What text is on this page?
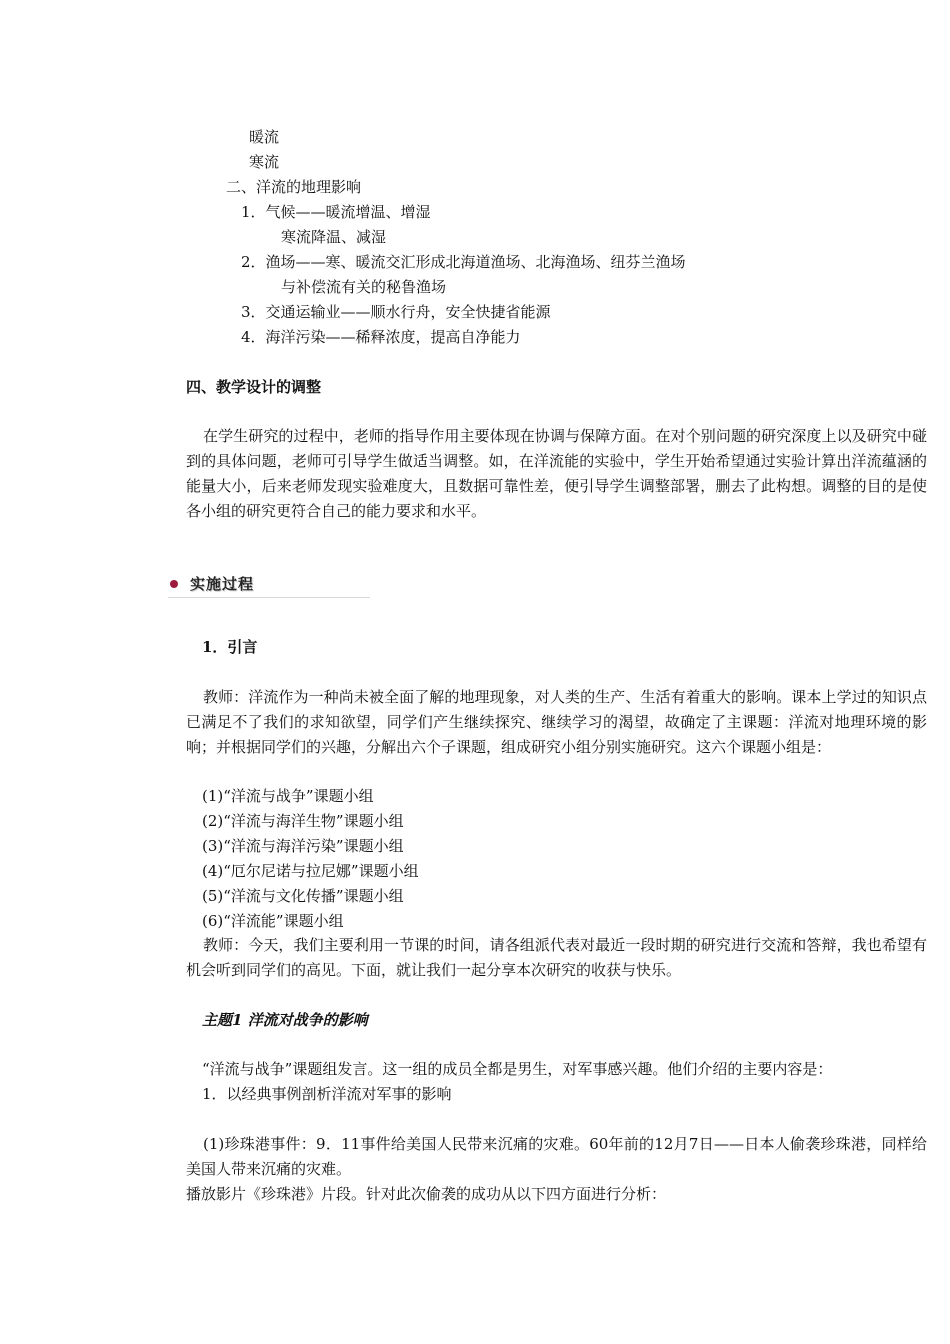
暖流
寒流
二、洋流的地理影响
1．气候——暖流增温、增湿
寒流降温、减湿
2．渔场——寒、暖流交汇形成北海道渔场、北海渔场、纽芬兰渔场
与补偿流有关的秘鲁渔场
3．交通运输业——顺水行舟，安全快捷省能源
4．海洋污染——稀释浓度，提高自净能力
四、教学设计的调整
在学生研究的过程中，老师的指导作用主要体现在协调与保障方面。在对个别问题的研究深度上以及研究中碰到的具体问题，老师可引导学生做适当调整。如，在洋流能的实验中，学生开始希望通过实验计算出洋流蕴涵的能量大小，后来老师发现实验难度大，且数据可靠性差，便引导学生调整部署，删去了此构想。调整的目的是使各小组的研究更符合自己的能力要求和水平。
实施过程
1．引言
教师：洋流作为一种尚未被全面了解的地理现象，对人类的生产、生活有着重大的影响。课本上学过的知识点已满足不了我们的求知欲望，同学们产生继续探究、继续学习的渴望，故确定了主课题：洋流对地理环境的影响；并根据同学们的兴趣，分解出六个子课题，组成研究小组分别实施研究。这六个课题小组是：
(1)“洋流与战争”课题小组
(2)“洋流与海洋生物”课题小组
(3)“洋流与海洋污染”课题小组
(4)“厄尔尼诺与拉尼娜”课题小组
(5)“洋流与文化传播”课题小组
(6)“洋流能”课题小组
教师：今天，我们主要利用一节课的时间，请各组派代表对最近一段时期的研究进行交流和答辩，我也希望有机会听到同学们的高见。下面，就让我们一起分享本次研究的收获与快乐。
主题1 洋流对战争的影响
“洋流与战争”课题组发言。这一组的成员全都是男生，对军事感兴趣。他们介绍的主要内容是：
1．以经典事例剖析洋流对军事的影响
(1)珍珠港事件：9．11事件给美国人民带来沉痛的灾难。60年前的12月7日——日本人偷袭珍珠港，同样给美国人带来沉痛的灾难。
播放影片《珍珠港》片段。针对此次偷袭的成功从以下四方面进行分析：
